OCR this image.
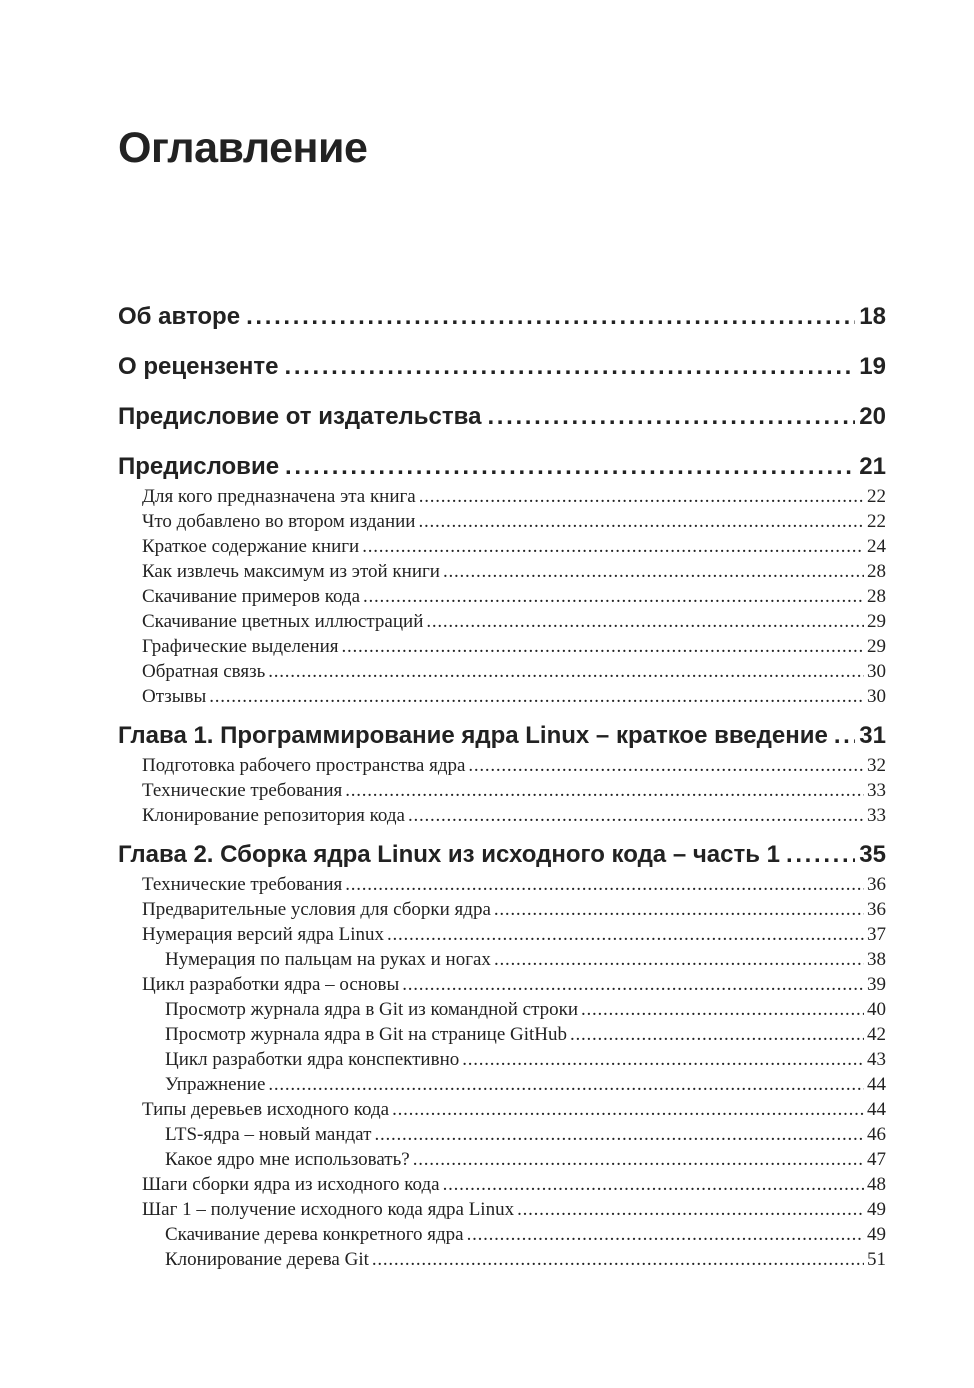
Оглавление
Об авторе . . .	18
О рецензенте . . .	19
Предисловие от издательства . . .	20
Предисловие . . .	21
Для кого предназначена эта книга . . .	22
Что добавлено во втором издании . . .	22
Краткое содержание книги . . .	24
Как извлечь максимум из этой книги . . .	28
Скачивание примеров кода . . .	28
Скачивание цветных иллюстраций . . .	29
Графические выделения . . .	29
Обратная связь . . .	30
Отзывы . . .	30
Глава 1. Программирование ядра Linux – краткое введение . . . 31
Подготовка рабочего пространства ядра . . .	32
Технические требования . . .	33
Клонирование репозитория кода . . .	33
Глава 2. Сборка ядра Linux из исходного кода – часть 1 . . .	35
Технические требования . . .	36
Предварительные условия для сборки ядра . . .	36
Нумерация версий ядра Linux . . .	37
Нумерация по пальцам на руках и ногах . . .	38
Цикл разработки ядра – основы . . .	39
Просмотр журнала ядра в Git из командной строки . . .	40
Просмотр журнала ядра в Git на странице GitHub . . .	42
Цикл разработки ядра конспективно . . .	43
Упражнение . . .	44
Типы деревьев исходного кода . . .	44
LTS-ядра – новый мандат . . .	46
Какое ядро мне использовать? . . .	47
Шаги сборки ядра из исходного кода . . .	48
Шаг 1 – получение исходного кода ядра Linux . . .	49
Скачивание дерева конкретного ядра . . .	49
Клонирование дерева Git . . .	51
